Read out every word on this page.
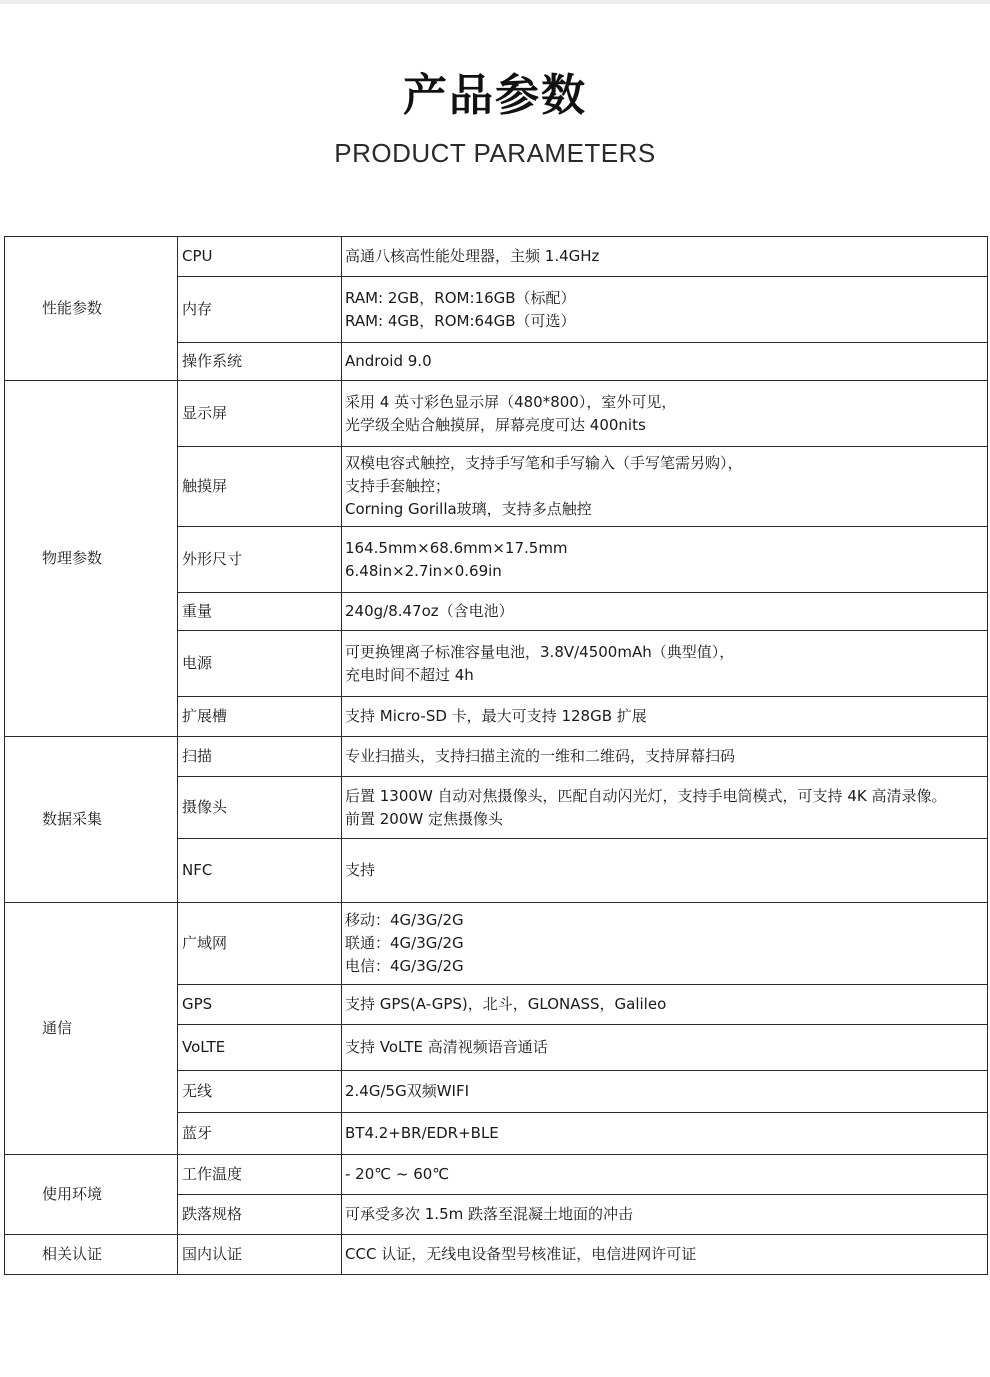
产品参数
PRODUCT PARAMETERS
性能参数	CPU	高通八核高性能处理器，主频 1.4GHz

	内存	RAM: 2GB，ROM:16GB（标配）
RAM: 4GB，ROM:64GB（可选）

	操作系统	Android 9.0

物理参数	显示屏	采用 4 英寸彩色显示屏（480*800），室外可见，
光学级全贴合触摸屏，屏幕亮度可达 400nits

	触摸屏	双模电容式触控，支持手写笔和手写输入（手写笔需另购），
支持手套触控；
Corning Gorilla玻璃，支持多点触控

	外形尺寸	164.5mm×68.6mm×17.5mm
6.48in×2.7in×0.69in

	重量	240g/8.47oz（含电池）

	电源	可更换锂离子标准容量电池，3.8V/4500mAh（典型值），
充电时间不超过 4h

	扩展槽	支持 Micro-SD 卡，最大可支持 128GB 扩展

数据采集	扫描	专业扫描头，支持扫描主流的一维和二维码，支持屏幕扫码

	摄像头	后置 1300W 自动对焦摄像头，匹配自动闪光灯，支持手电筒模式，可支持 4K 高清录像。
前置 200W 定焦摄像头

	NFC	支持

通信	广域网	移动：4G/3G/2G
联通：4G/3G/2G
电信：4G/3G/2G

	GPS	支持 GPS(A-GPS)，北斗，GLONASS，Galileo

	VoLTE	支持 VoLTE 高清视频语音通话

	无线	2.4G/5G双频WIFI

	蓝牙	BT4.2+BR/EDR+BLE

使用环境	工作温度	- 20℃ ~ 60℃

	跌落规格	可承受多次 1.5m 跌落至混凝土地面的冲击

相关认证	国内认证	CCC 认证，无线电设备型号核准证，电信进网许可证
